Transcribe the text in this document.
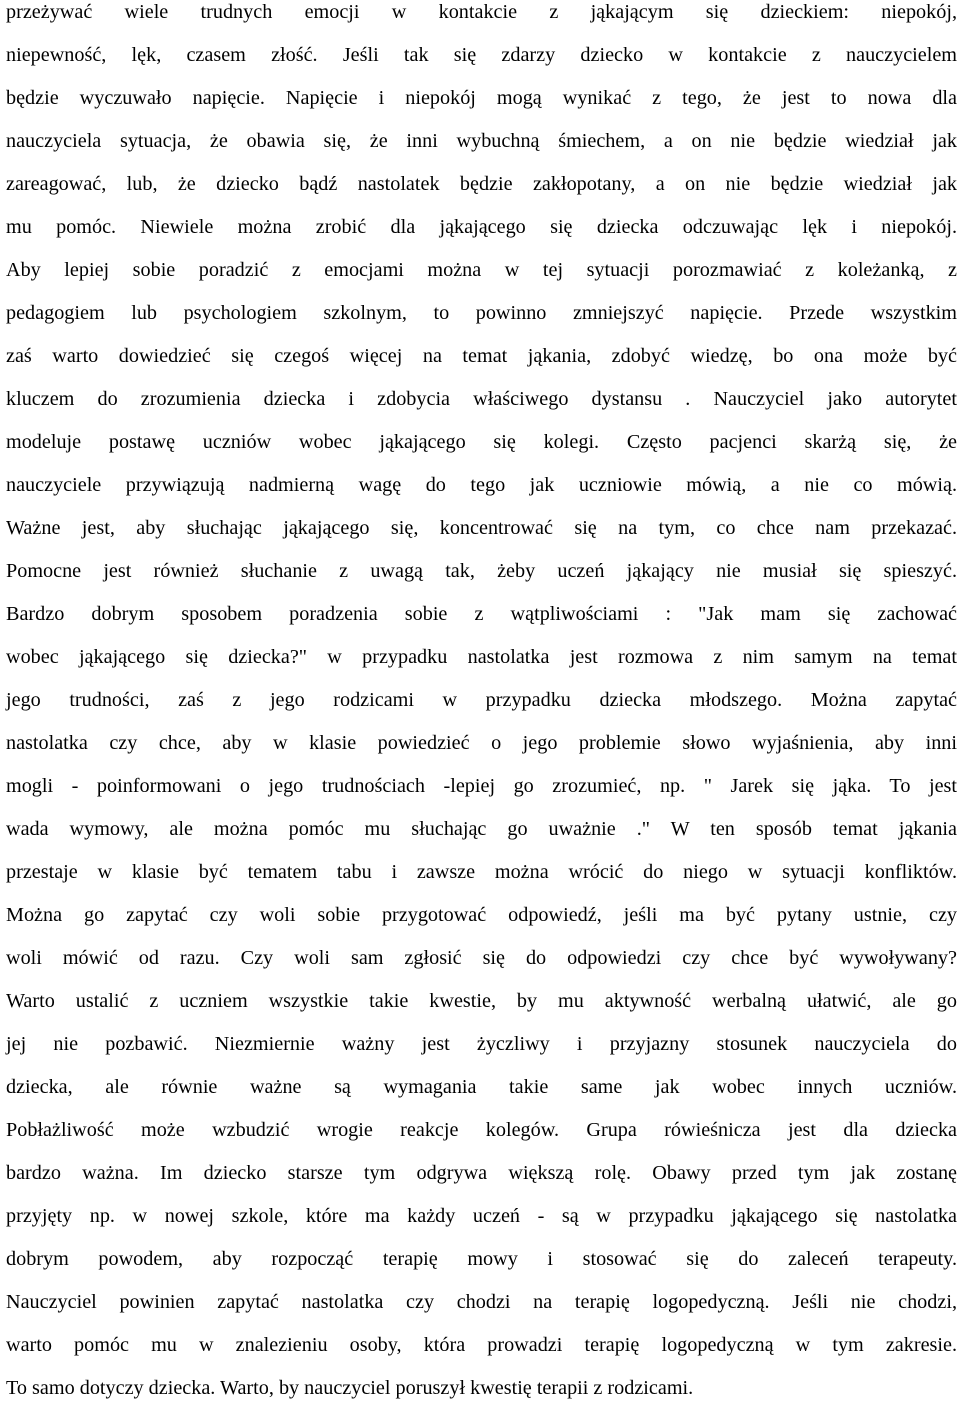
przeżywać wiele trudnych emocji w kontakcie z jąkającym się dzieckiem: niepokój,
niepewność, lęk, czasem złość. Jeśli tak się zdarzy dziecko w kontakcie z nauczycielem
będzie wyczuwało napięcie. Napięcie i niepokój mogą wynikać z tego, że jest to nowa dla
nauczyciela sytuacja, że obawia się, że inni wybuchną śmiechem, a on nie będzie wiedział jak
zareagować, lub, że dziecko bądź nastolatek będzie zakłopotany, a on nie będzie wiedział jak
mu pomóc. Niewiele można zrobić dla jąkającego się dziecka odczuwając lęk i niepokój.
Aby lepiej sobie poradzić z emocjami można w tej sytuacji porozmawiać z koleżanką, z
pedagogiem lub psychologiem szkolnym, to powinno zmniejszyć napięcie. Przede wszystkim
zaś warto dowiedzieć się czegoś więcej na temat jąkania, zdobyć wiedzę, bo ona może być
kluczem do zrozumienia dziecka i zdobycia właściwego dystansu . Nauczyciel jako autorytet
modeluje postawę uczniów wobec jąkającego się kolegi. Często pacjenci skarżą się, że
nauczyciele przywiązują nadmierną wagę do tego jak uczniowie mówią, a nie co mówią.
Ważne jest, aby słuchając jąkającego się, koncentrować się na tym, co chce nam przekazać.
Pomocne jest również słuchanie z uwagą tak, żeby uczeń jąkający nie musiał się spieszyć.
Bardzo dobrym sposobem poradzenia sobie z wątpliwościami : "Jak mam się zachować
wobec jąkającego się dziecka?" w przypadku nastolatka jest rozmowa z nim samym na temat
jego trudności, zaś z jego rodzicami w przypadku dziecka młodszego. Można zapytać
nastolatka czy chce, aby w klasie powiedzieć o jego problemie słowo wyjaśnienia, aby inni
mogli - poinformowani o jego trudnościach -lepiej go zrozumieć, np. " Jarek się jąka. To jest
wada wymowy, ale można pomóc mu słuchając go uważnie ." W ten sposób temat jąkania
przestaje w klasie być tematem tabu i zawsze można wrócić do niego w sytuacji konfliktów.
Można go zapytać czy woli sobie przygotować odpowiedź, jeśli ma być pytany ustnie, czy
woli mówić od razu. Czy woli sam zgłosić się do odpowiedzi czy chce być wywoływany?
Warto ustalić z uczniem wszystkie takie kwestie, by mu aktywność werbalną ułatwić, ale go
jej nie pozbawić. Niezmiernie ważny jest życzliwy i przyjazny stosunek nauczyciela do
dziecka, ale równie ważne są wymagania takie same jak wobec innych uczniów.
Pobłażliwość może wzbudzić wrogie reakcje kolegów. Grupa rówieśnicza jest dla dziecka
bardzo ważna. Im dziecko starsze tym odgrywa większą rolę. Obawy przed tym jak zostanę
przyjęty np. w nowej szkole, które ma każdy uczeń - są w przypadku jąkającego się nastolatka
dobrym powodem, aby rozpocząć terapię mowy i stosować się do zaleceń terapeuty.
Nauczyciel powinien zapytać nastolatka czy chodzi na terapię logopedyczną. Jeśli nie chodzi,
warto pomóc mu w znalezieniu osoby, która prowadzi terapię logopedyczną w tym zakresie.
To samo dotyczy dziecka. Warto, by nauczyciel poruszył kwestię terapii z rodzicami.
